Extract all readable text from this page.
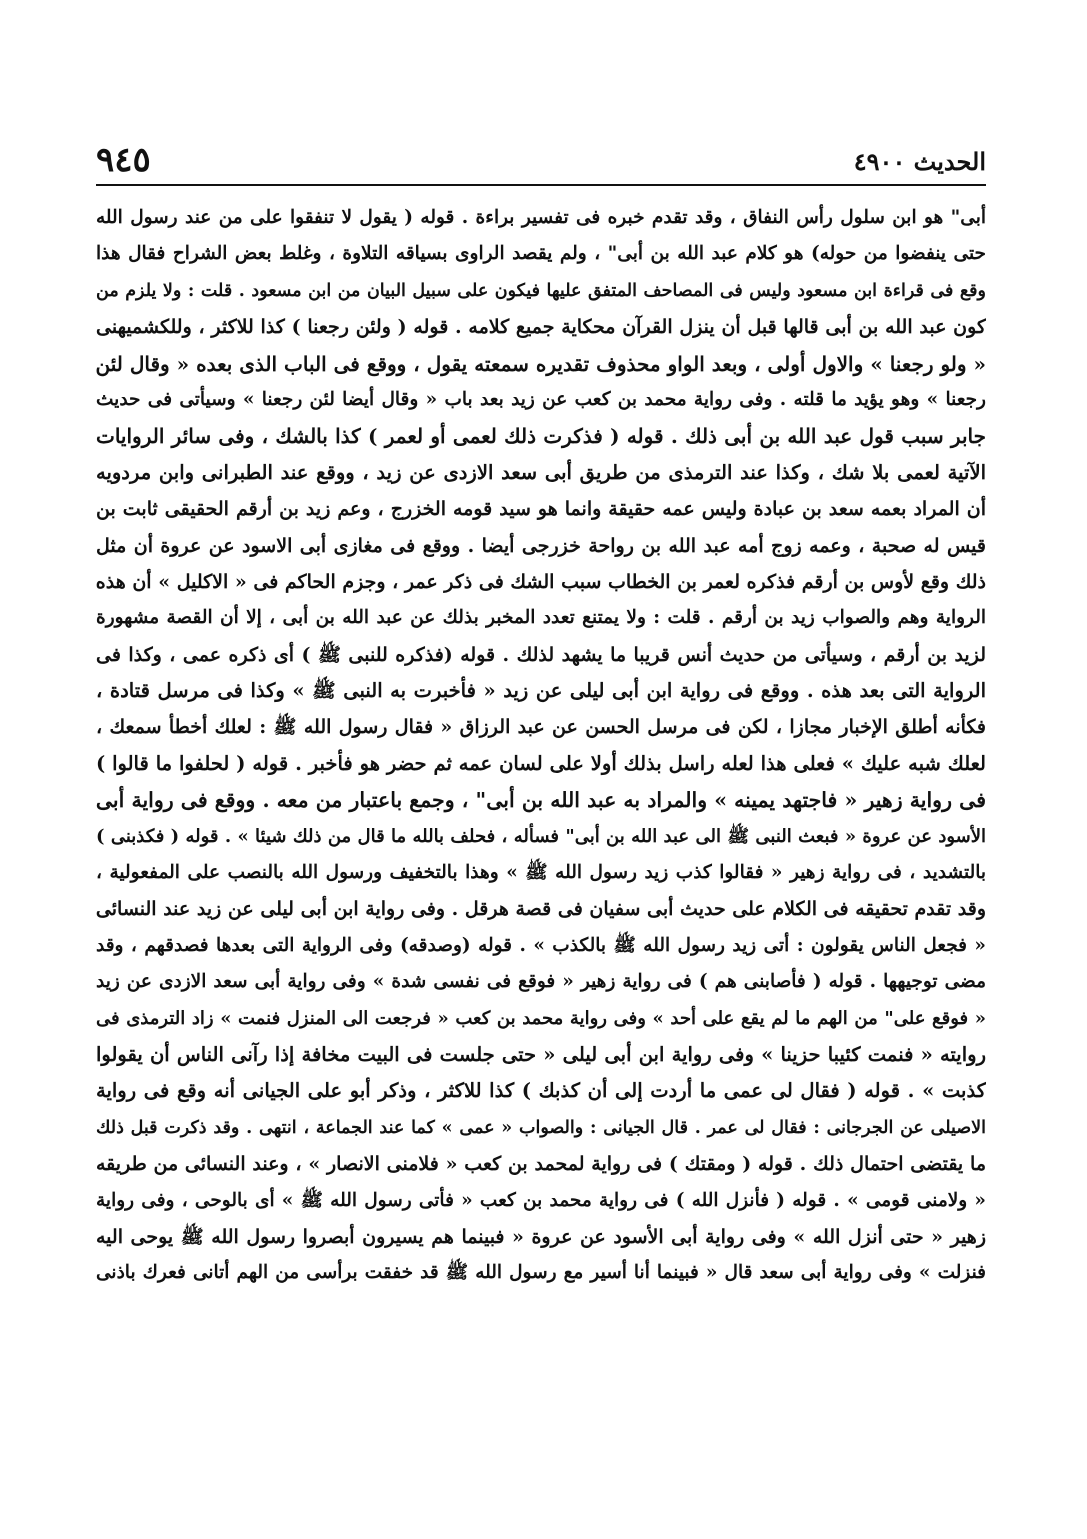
الحديث ٤٩٠٠
٩٤٥
أبى" هو ابن سلول رأس النفاق ، وقد تقدم خبره فى تفسير براءة . قوله ( يقول لا تنفقوا على من عند رسول الله
حتى ينفضوا من حوله) هو كلام عبد الله بن أبى" ، ولم يقصد الراوى بسياقه التلاوة ، وغلط بعض الشراح فقال هذا
وقع فى قراءة ابن مسعود وليس فى المصاحف المتفق عليها فيكون على سبيل البيان من ابن مسعود . قلت : ولا يلزم من
كون عبد الله بن أبى قالها قبل أن ينزل القرآن محكاية جميع كلامه . قوله ( ولئن رجعنا ) كذا للاكثر ، وللكشميهنى
« ولو رجعنا » والاول أولى ، وبعد الواو محذوف تقديره سمعته يقول ، ووقع فى الباب الذى بعده « وقال لئن
رجعنا » وهو يؤيد ما قلته . وفى رواية محمد بن كعب عن زيد بعد باب « وقال أيضا لئن رجعنا » وسيأتى فى حديث
جابر سبب قول عبد الله بن أبى ذلك . قوله ( فذكرت ذلك لعمى أو لعمر ) كذا بالشك ، وفى سائر الروايات
الآتية لعمى بلا شك ، وكذا عند الترمذى من طريق أبى سعد الازدى عن زيد ، ووقع عند الطبرانى وابن مردويه
أن المراد بعمه سعد بن عبادة وليس عمه حقيقة وانما هو سيد قومه الخزرج ، وعم زيد بن أرقم الحقيقى ثابت بن
قيس له صحبة ، وعمه زوج أمه عبد الله بن رواحة خزرجى أيضا . ووقع فى مغازى أبى الاسود عن عروة أن مثل
ذلك وقع لأوس بن أرقم فذكره لعمر بن الخطاب سبب الشك فى ذكر عمر ، وجزم الحاكم فى « الاكليل » أن هذه
الرواية وهم والصواب زيد بن أرقم . قلت : ولا يمتنع تعدد المخبر بذلك عن عبد الله بن أبى ، إلا أن القصة مشهورة
لزيد بن أرقم ، وسيأتى من حديث أنس قريبا ما يشهد لذلك . قوله (فذكره للنبى ﷺ ) أى ذكره عمى ، وكذا فى
الرواية التى بعد هذه . ووقع فى رواية ابن أبى ليلى عن زيد « فأخبرت به النبى ﷺ » وكذا فى مرسل قتادة ،
فكأنه أطلق الإخبار مجازا ، لكن فى مرسل الحسن عن عبد الرزاق « فقال رسول الله ﷺ : لعلك أخطأ سمعك ،
لعلك شبه عليك » فعلى هذا لعله راسل بذلك أولا على لسان عمه ثم حضر هو فأخبر . قوله ( لحلفوا ما قالوا )
فى رواية زهير « فاجتهد يمينه » والمراد به عبد الله بن أبى" ، وجمع باعتبار من معه . ووقع فى رواية أبى
الأسود عن عروة « فبعث النبى ﷺ الى عبد الله بن أبى" فسأله ، فحلف بالله ما قال من ذلك شيئا » . قوله ( فكذبنى )
بالتشديد ، فى رواية زهير « فقالوا كذب زيد رسول الله ﷺ » وهذا بالتخفيف ورسول الله بالنصب على المفعولية ،
وقد تقدم تحقيقه فى الكلام على حديث أبى سفيان فى قصة هرقل . وفى رواية ابن أبى ليلى عن زيد عند النسائى
« فجعل الناس يقولون : أتى زيد رسول الله ﷺ بالكذب » . قوله (وصدقه) وفى الرواية التى بعدها فصدقهم ، وقد
مضى توجيهها . قوله ( فأصابنى هم ) فى رواية زهير « فوقع فى نفسى شدة » وفى رواية أبى سعد الازدى عن زيد
« فوقع على" من الهم ما لم يقع على أحد » وفى رواية محمد بن كعب « فرجعت الى المنزل فنمت » زاد الترمذى فى
روايته « فنمت كئيبا حزينا » وفى رواية ابن أبى ليلى « حتى جلست فى البيت مخافة إذا رآنى الناس أن يقولوا
كذبت » . قوله ( فقال لى عمى ما أردت إلى أن كذبك ) كذا للاكثر ، وذكر أبو على الجيانى أنه وقع فى رواية
الاصيلى عن الجرجانى : فقال لى عمر . قال الجيانى : والصواب « عمى » كما عند الجماعة ، انتهى . وقد ذكرت قبل ذلك
ما يقتضى احتمال ذلك . قوله ( ومقتك ) فى رواية لمحمد بن كعب « فلامنى الانصار » ، وعند النسائى من طريقه
« ولامنى قومى » . قوله ( فأنزل الله ) فى رواية محمد بن كعب « فأتى رسول الله ﷺ » أى بالوحى ، وفى رواية
زهير « حتى أنزل الله » وفى رواية أبى الأسود عن عروة « فبينما هم يسيرون أبصروا رسول الله ﷺ يوحى اليه
فنزلت » وفى رواية أبى سعد قال « فبينما أنا أسير مع رسول الله ﷺ قد خفقت برأسى من الهم أتانى فعرك باذنى
